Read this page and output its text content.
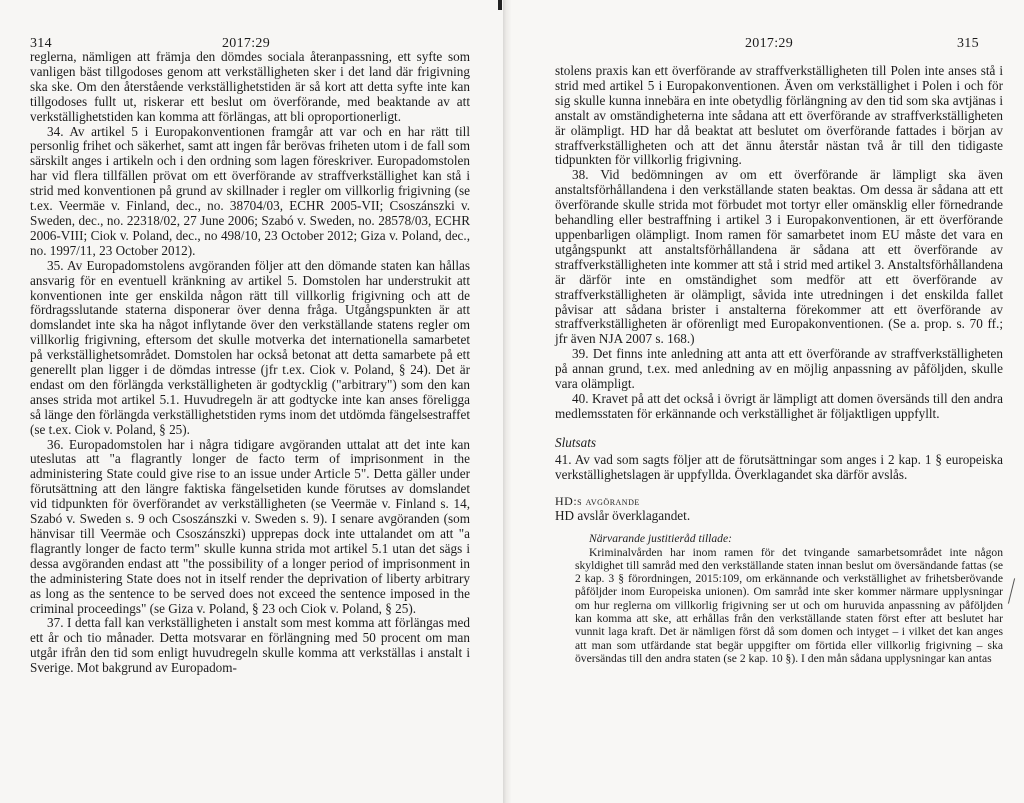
314	2017:29

reglerna, nämligen att främja den dömdes sociala återanpassning, ett syfte som vanligen bäst tillgodoses genom att verkställigheten sker i det land där frigivning ska ske. Om den återstående verkställighetstiden är så kort att detta syfte inte kan tillgodoses fullt ut, riskerar ett beslut om överförande, med beaktande av att verkställighetstiden kan komma att förlängas, att bli oproportionerligt.

34. Av artikel 5 i Europakonventionen framgår att var och en har rätt till personlig frihet och säkerhet, samt att ingen får berövas friheten utom i de fall som särskilt anges i artikeln och i den ordning som lagen föreskriver. Europadomstolen har vid flera tillfällen prövat om ett överförande av straffverkställighet kan stå i strid med konventionen på grund av skillnader i regler om villkorlig frigivning (se t.ex. Veermäe v. Finland, dec., no. 38704/03, ECHR 2005-VII; Csoszánszki v. Sweden, dec., no. 22318/02, 27 June 2006; Szabó v. Sweden, no. 28578/03, ECHR 2006-VIII; Ciok v. Poland, dec., no 498/10, 23 October 2012; Giza v. Poland, dec., no. 1997/11, 23 October 2012).

35. Av Europadomstolens avgöranden följer att den dömande staten kan hållas ansvarig för en eventuell kränkning av artikel 5. Domstolen har understrukit att konventionen inte ger enskilda någon rätt till villkorlig frigivning och att de fördragsslutande staterna disponerar över denna fråga. Utgångspunkten är att domslandet inte ska ha något inflytande över den verkställande statens regler om villkorlig frigivning, eftersom det skulle motverka det internationella samarbetet på verkställighetsområdet. Domstolen har också betonat att detta samarbete på ett generellt plan ligger i de dömdas intresse (jfr t.ex. Ciok v. Poland, § 24). Det är endast om den förlängda verkställigheten är godtycklig ("arbitrary") som den kan anses strida mot artikel 5.1. Huvudregeln är att godtycke inte kan anses föreligga så länge den förlängda verkställighetstiden ryms inom det utdömda fängelsestraffet (se t.ex. Ciok v. Poland, § 25).

36. Europadomstolen har i några tidigare avgöranden uttalat att det inte kan uteslutas att "a flagrantly longer de facto term of imprisonment in the administering State could give rise to an issue under Article 5". Detta gäller under förutsättning att den längre faktiska fängelsetiden kunde förutses av domslandet vid tidpunkten för överförandet av verkställigheten (se Veermäe v. Finland s. 14, Szabó v. Sweden s. 9 och Csoszánszki v. Sweden s. 9). I senare avgöranden (som hänvisar till Veermäe och Csoszánszki) upprepas dock inte uttalandet om att "a flagrantly longer de facto term" skulle kunna strida mot artikel 5.1 utan det sägs i dessa avgöranden endast att "the possibility of a longer period of imprisonment in the administering State does not in itself render the deprivation of liberty arbitrary as long as the sentence to be served does not exceed the sentence imposed in the criminal proceedings" (se Giza v. Poland, § 23 och Ciok v. Poland, § 25).

37. I detta fall kan verkställigheten i anstalt som mest komma att förlängas med ett år och tio månader. Detta motsvarar en förlängning med 50 procent om man utgår ifrån den tid som enligt huvudregeln skulle komma att verkställas i anstalt i Sverige. Mot bakgrund av Europadom-

2017:29	315

stolens praxis kan ett överförande av straffverkställigheten till Polen inte anses stå i strid med artikel 5 i Europakonventionen. Även om verkställighet i Polen i och för sig skulle kunna innebära en inte obetydlig förlängning av den tid som ska avtjänas i anstalt av omständigheterna inte sådana att ett överförande av straffverkställigheten är olämpligt. HD har då beaktat att beslutet om överförande fattades i början av straffverkställigheten och att det ännu återstår nästan två år till den tidigaste tidpunkten för villkorlig frigivning.

38. Vid bedömningen av om ett överförande är lämpligt ska även anstaltsförhållandena i den verkställande staten beaktas. Om dessa är sådana att ett överförande skulle strida mot förbudet mot tortyr eller omänsklig eller förnedrande behandling eller bestraffning i artikel 3 i Europakonventionen, är ett överförande uppenbarligen olämpligt. Inom ramen för samarbetet inom EU måste det vara en utgångspunkt att anstaltsförhållandena är sådana att ett överförande av straffverkställigheten inte kommer att stå i strid med artikel 3. Anstaltsförhållandena är därför inte en omständighet som medför att ett överförande av straffverkställigheten är olämpligt, såvida inte utredningen i det enskilda fallet påvisar att sådana brister i anstalterna förekommer att ett överförande av straffverkställigheten är oförenligt med Europakonventionen. (Se a. prop. s. 70 ff.; jfr även NJA 2007 s. 168.)

39. Det finns inte anledning att anta att ett överförande av straffverkställigheten på annan grund, t.ex. med anledning av en möjlig anpassning av påföljden, skulle vara olämpligt.

40. Kravet på att det också i övrigt är lämpligt att domen översänds till den andra medlemsstaten för erkännande och verkställighet är följaktligen uppfyllt.

Slutsats

41. Av vad som sagts följer att de förutsättningar som anges i 2 kap. 1 § europeiska verkställighetslagen är uppfyllda. Överklagandet ska därför avslås.

HD:s avgörande

HD avslår överklagandet.

Närvarande justitieråd tillade:

Kriminalvården har inom ramen för det tvingande samarbetsområdet inte någon skyldighet till samråd med den verkställande staten innan beslut om översändande fattas (se 2 kap. 3 § förordningen, 2015:109, om erkännande och verkställighet av frihetsberövande påföljder inom Europeiska unionen). Om samråd inte sker kommer närmare upplysningar om hur reglerna om villkorlig frigivning ser ut och om huruvida anpassning av påföljden kan komma att ske, att erhållas från den verkställande staten först efter att beslutet har vunnit laga kraft. Det är nämligen först då som domen och intyget – i vilket det kan anges att man som utfärdande stat begär uppgifter om förtida eller villkorlig frigivning – ska översändas till den andra staten (se 2 kap. 10 §). I den mån sådana upplysningar kan antas
